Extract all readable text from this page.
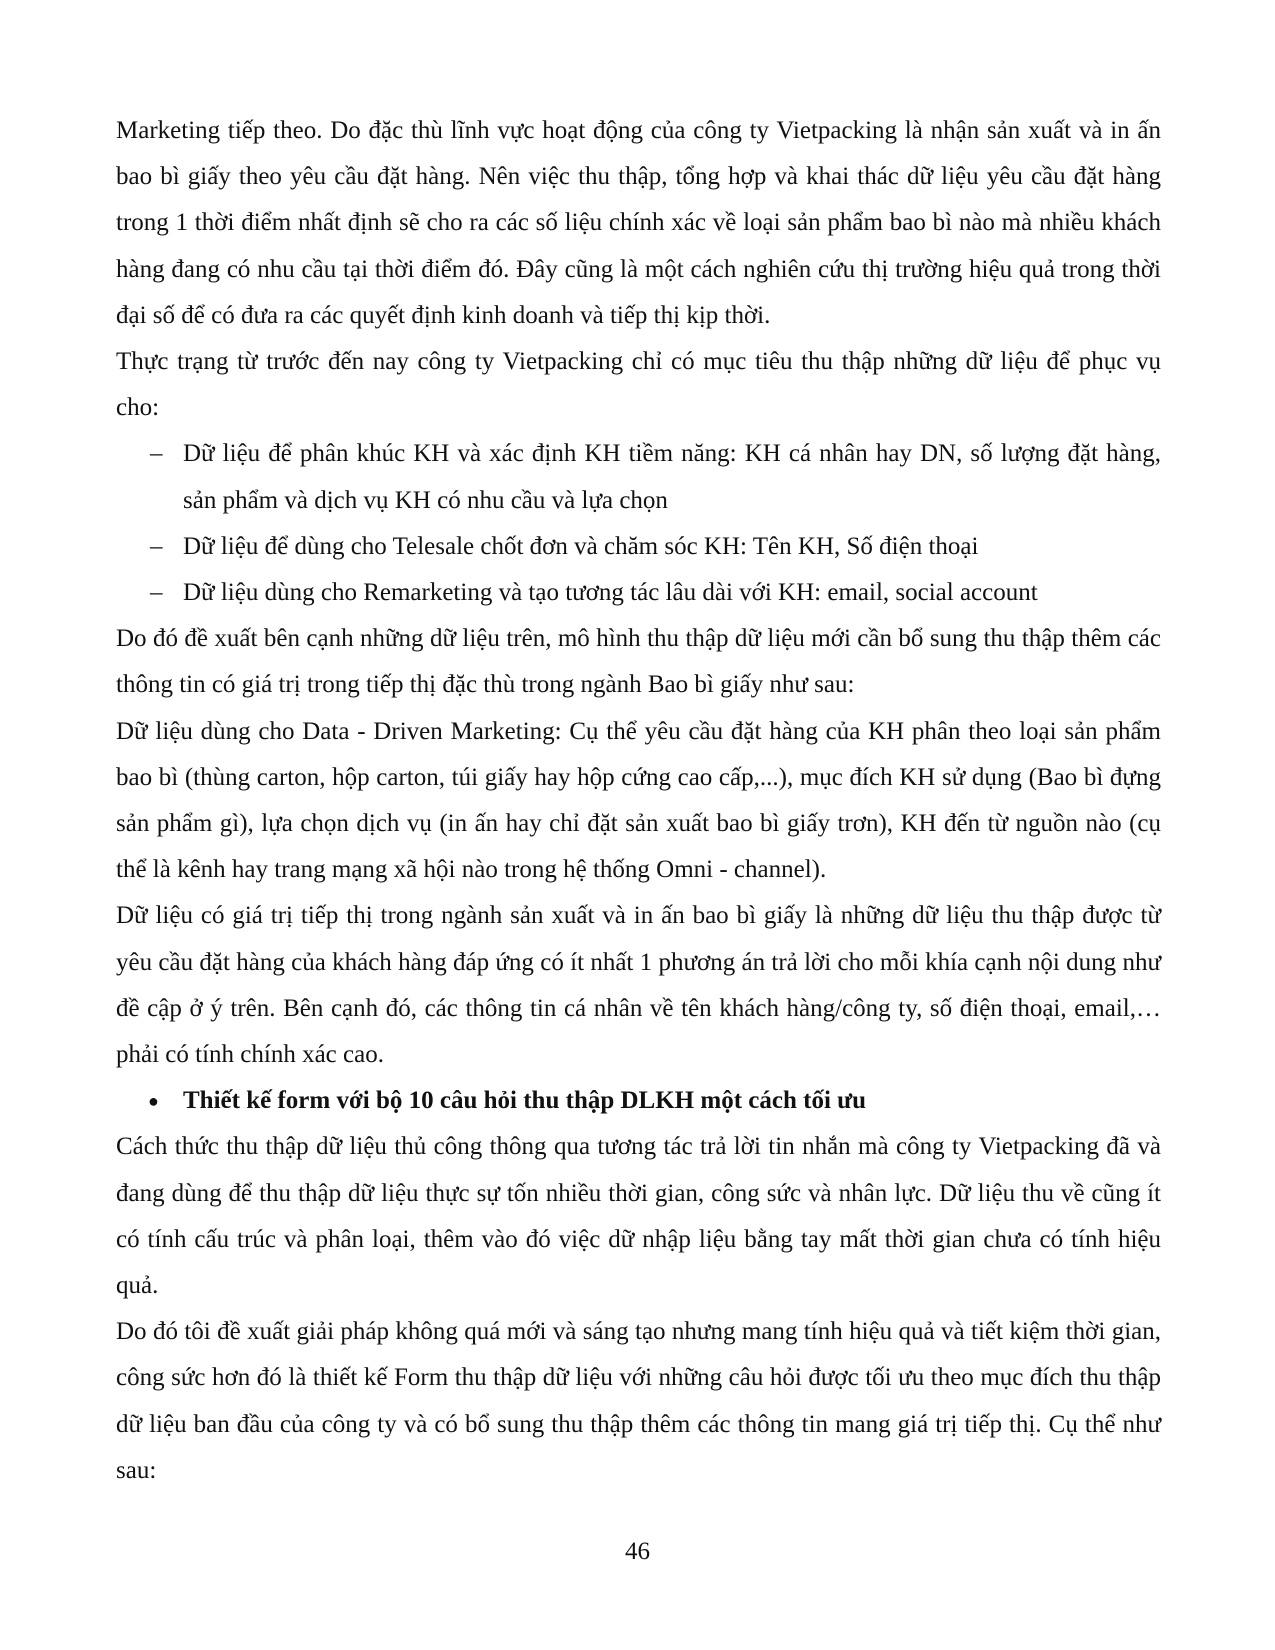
Marketing tiếp theo. Do đặc thù lĩnh vực hoạt động của công ty Vietpacking là nhận sản xuất và in ấn bao bì giấy theo yêu cầu đặt hàng. Nên việc thu thập, tổng hợp và khai thác dữ liệu yêu cầu đặt hàng trong 1 thời điểm nhất định sẽ cho ra các số liệu chính xác về loại sản phẩm bao bì nào mà nhiều khách hàng đang có nhu cầu tại thời điểm đó. Đây cũng là một cách nghiên cứu thị trường hiệu quả trong thời đại số để có đưa ra các quyết định kinh doanh và tiếp thị kịp thời.

Thực trạng từ trước đến nay công ty Vietpacking chỉ có mục tiêu thu thập những dữ liệu để phục vụ cho:

– Dữ liệu để phân khúc KH và xác định KH tiềm năng: KH cá nhân hay DN, số lượng đặt hàng, sản phẩm và dịch vụ KH có nhu cầu và lựa chọn
– Dữ liệu để dùng cho Telesale chốt đơn và chăm sóc KH: Tên KH, Số điện thoại
– Dữ liệu dùng cho Remarketing và tạo tương tác lâu dài với KH: email, social account

Do đó đề xuất bên cạnh những dữ liệu trên, mô hình thu thập dữ liệu mới cần bổ sung thu thập thêm các thông tin có giá trị trong tiếp thị đặc thù trong ngành Bao bì giấy như sau:

Dữ liệu dùng cho Data - Driven Marketing: Cụ thể yêu cầu đặt hàng của KH phân theo loại sản phẩm bao bì (thùng carton, hộp carton, túi giấy hay hộp cứng cao cấp,...), mục đích KH sử dụng (Bao bì đựng sản phẩm gì), lựa chọn dịch vụ (in ấn hay chỉ đặt sản xuất bao bì giấy trơn), KH đến từ nguồn nào (cụ thể là kênh hay trang mạng xã hội nào trong hệ thống Omni - channel).

Dữ liệu có giá trị tiếp thị trong ngành sản xuất và in ấn bao bì giấy là những dữ liệu thu thập được từ yêu cầu đặt hàng của khách hàng đáp ứng có ít nhất 1 phương án trả lời cho mỗi khía cạnh nội dung như đề cập ở ý trên. Bên cạnh đó, các thông tin cá nhân về tên khách hàng/công ty, số điện thoại, email,…phải có tính chính xác cao.

● Thiết kế form với bộ 10 câu hỏi thu thập DLKH một cách tối ưu

Cách thức thu thập dữ liệu thủ công thông qua tương tác trả lời tin nhắn mà công ty Vietpacking đã và đang dùng để thu thập dữ liệu thực sự tốn nhiều thời gian, công sức và nhân lực. Dữ liệu thu về cũng ít có tính cấu trúc và phân loại, thêm vào đó việc dữ nhập liệu bằng tay mất thời gian chưa có tính hiệu quả.

Do đó tôi đề xuất giải pháp không quá mới và sáng tạo nhưng mang tính hiệu quả và tiết kiệm thời gian, công sức hơn đó là thiết kế Form thu thập dữ liệu với những câu hỏi được tối ưu theo mục đích thu thập dữ liệu ban đầu của công ty và có bổ sung thu thập thêm các thông tin mang giá trị tiếp thị. Cụ thể như sau:

46
